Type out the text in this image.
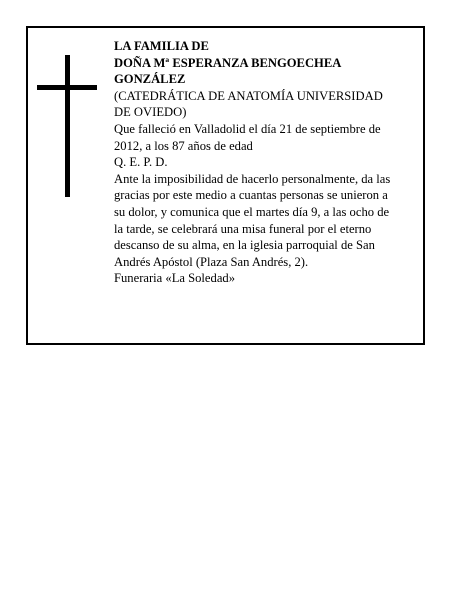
LA FAMILIA DE
DOÑA Mª ESPERANZA BENGOECHEA
GONZÁLEZ
(CATEDRÁTICA DE ANATOMÍA UNIVERSIDAD
DE OVIEDO)
Que falleció en Valladolid el día 21 de septiembre de
2012, a los 87 años de edad
Q. E. P. D.
Ante la imposibilidad de hacerlo personalmente, da las
gracias por este medio a cuantas personas se unieron a
su dolor, y comunica que el martes día 9, a las ocho de
la tarde, se celebrará una misa funeral por el eterno
descanso de su alma, en la iglesia parroquial de San
Andrés Apóstol (Plaza San Andrés, 2).
Funeraria «La Soledad»
